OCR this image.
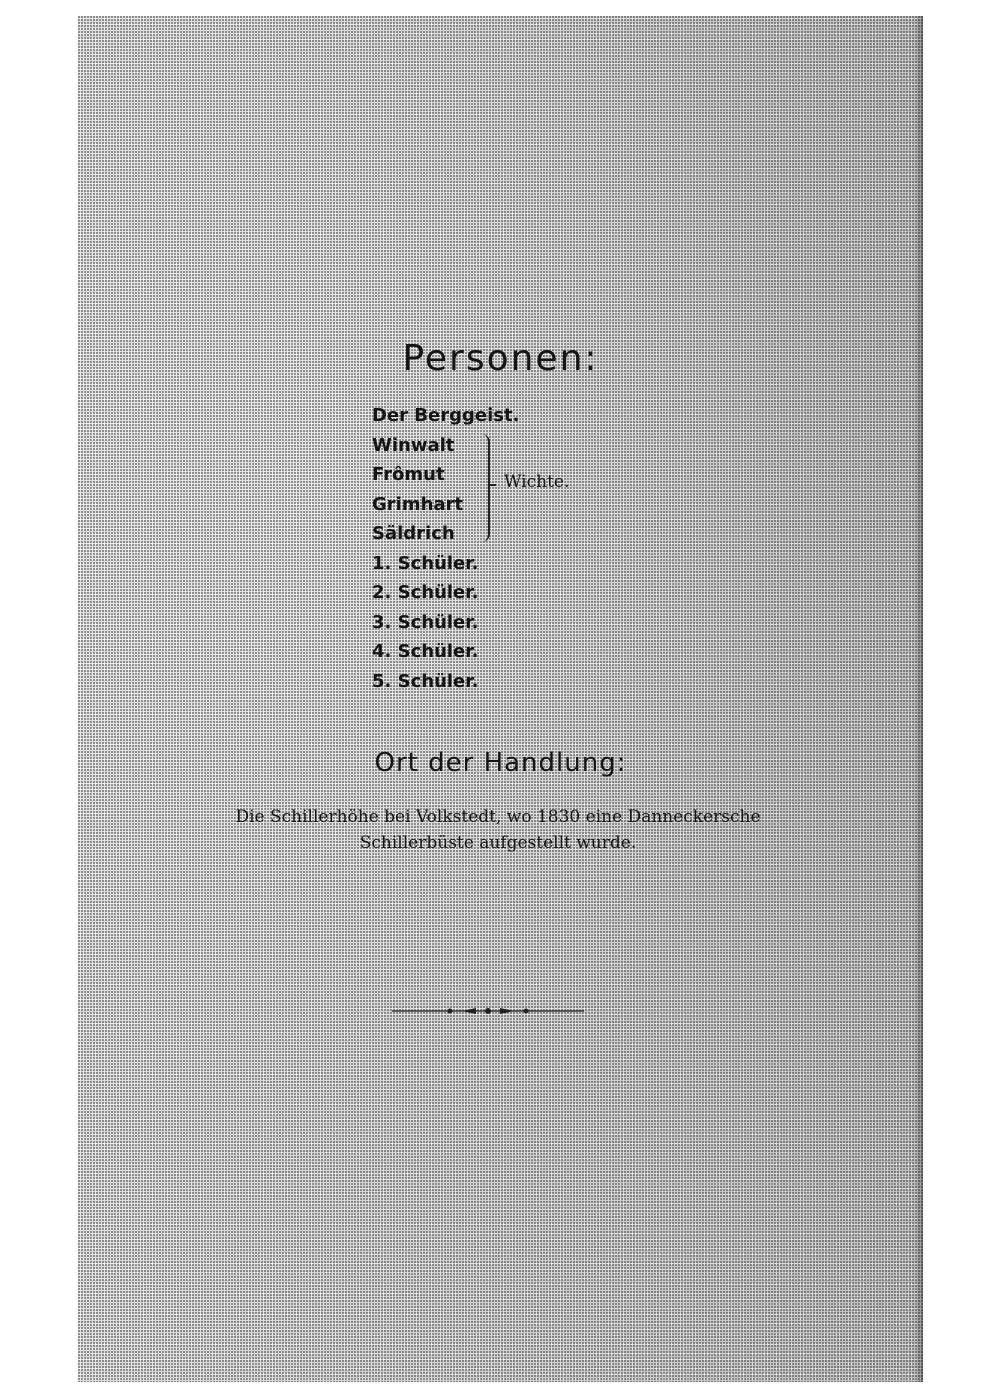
Personen:
Der Berggeist.
Winwalt
Frômut
Grimhart
Säldrich
1. Schüler.
2. Schüler.
3. Schüler.
4. Schüler.
5. Schüler.
Wichte.
Ort der Handlung:
Die Schillerhöhe bei Volkstedt, wo 1830 eine Danneckersche
Schillerbüste aufgestellt wurde.
